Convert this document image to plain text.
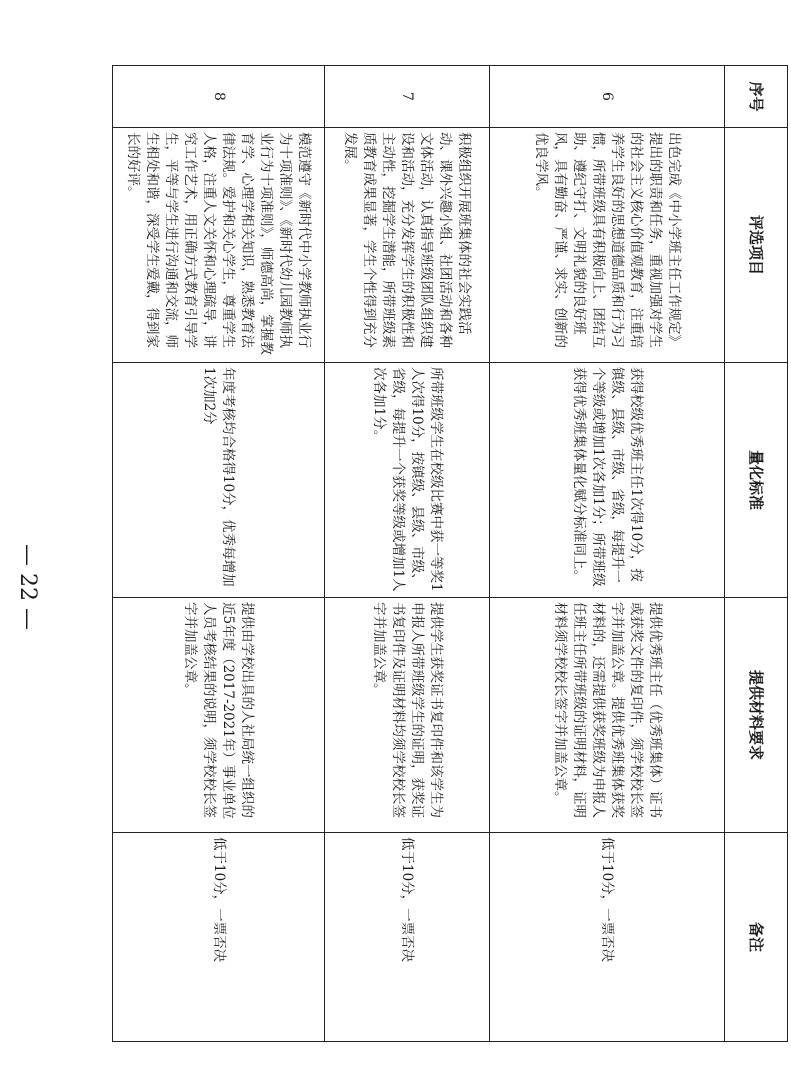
序号	评选项目	量化标准	提供材料要求	备注
6	出色完成《中小学班主任工作规定》提出的职责和任务，重视加强对学生的社会主义核心价值观教育，注重培养学生良好的思想道德品质和行为习惯，所带班级具有积极向上、团结互助、遵纪守打、文明礼貌的良好班风，具有勤奋、严谨、求实、创新的优良学风。	获得校级优秀班主任1次得10分，按镇级、县级、市级、省级，每提升一个等级或增加1次各加1分；所带班级获得优秀班集体量化赋分标准同上。	提供优秀班主任（优秀班集体）证书或获奖文件的复印件，须学校校长签字并加盖公章。提供优秀班集体获奖材料的，还需提供获奖班级为申报人任班主任所带班级的证明材料，证明材料须学校校长签字并加盖公章。	低于10分，一票否决
7	积极组织开展班集体的社会实践活动、课外兴趣小组、社团活动和各种文体活动，认真指导班级团队组织建设和活动，充分发挥学生的积极性和主动性，挖掘学生潜能，所带班级素质教育成果显著，学生个性得到充分发展。	所带班级学生在校级比赛中获一等奖1人次得10分，按镇级、县级、市级、省级，每提升一个获奖等级或增加1人次各加1分。	提供学生获奖证书复印件和该学生为申报人所带班级学生的证明，获奖证书复印件及证明材料均须学校校长签字并加盖公章。	低于10分，一票否决
8	模范遵守《新时代中小学教师执业行为十项准则》、《新时代幼儿园教师执业行为十项准则》，师德高尚，掌握教育学、心理学相关知识，熟悉教育法律法规。爱护和关心学生，尊重学生人格，注重人文关怀和心理疏导，讲究工作艺术，用正确方式教育引导学生，平等与学生进行沟通和交流，师生相处和谐，深受学生爱戴，得到家长的好评。	年度考核均合格得10分，优秀每增加1次加2分	提供由学校出具的人社局统一组织的近5年度（2017-2021年）事业单位人员考核结果的说明，须学校校长签字并加盖公章。	低于10分，一票否决
— 22 —
